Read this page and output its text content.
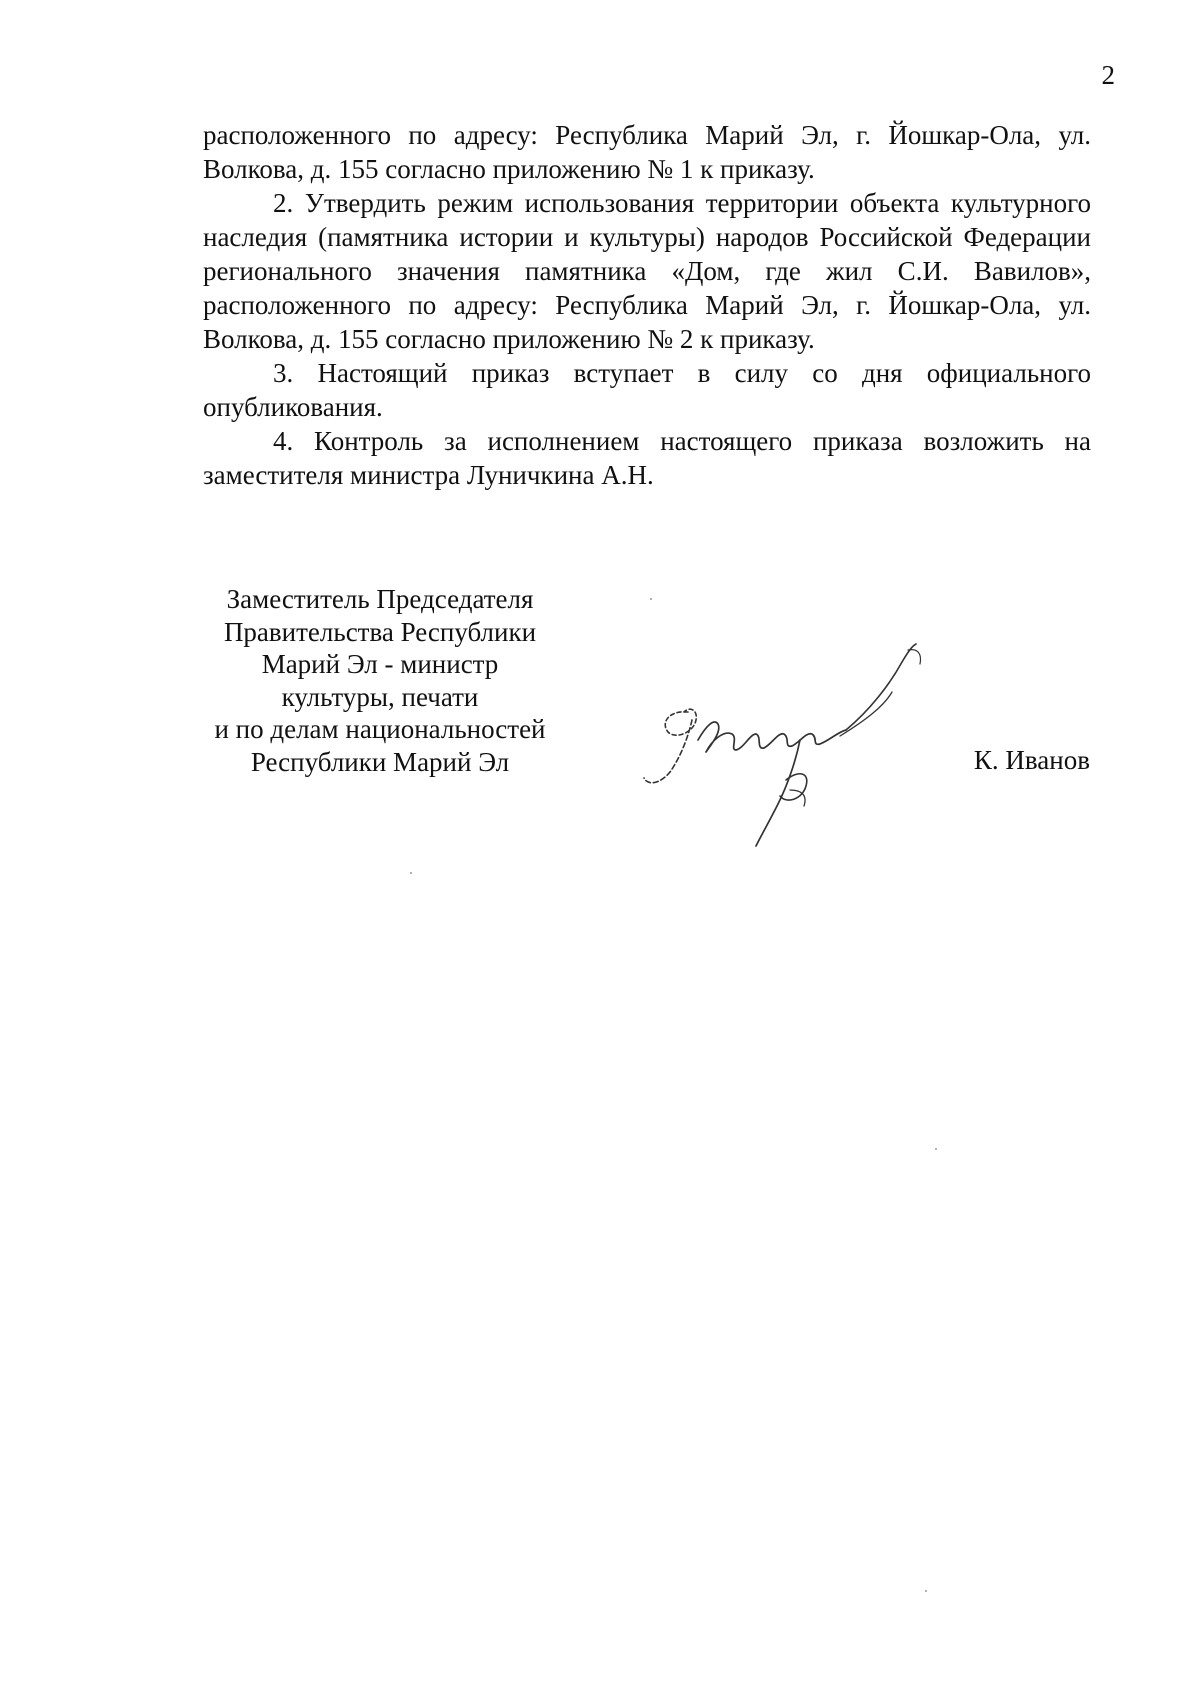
2

расположенного по адресу: Республика Марий Эл, г. Йошкар-Ола, ул. Волкова, д. 155 согласно приложению № 1 к приказу.

2. Утвердить режим использования территории объекта культурного наследия (памятника истории и культуры) народов Российской Федерации регионального значения памятника «Дом, где жил С.И. Вавилов», расположенного по адресу: Республика Марий Эл, г. Йошкар-Ола, ул. Волкова, д. 155 согласно приложению № 2 к приказу.

3. Настоящий приказ вступает в силу со дня официального опубликования.

4. Контроль за исполнением настоящего приказа возложить на заместителя министра Луничкина А.Н.

Заместитель Председателя
Правительства Республики
Марий Эл - министр
культуры, печати
и по делам национальностей
Республики Марий Эл	К. Иванов
